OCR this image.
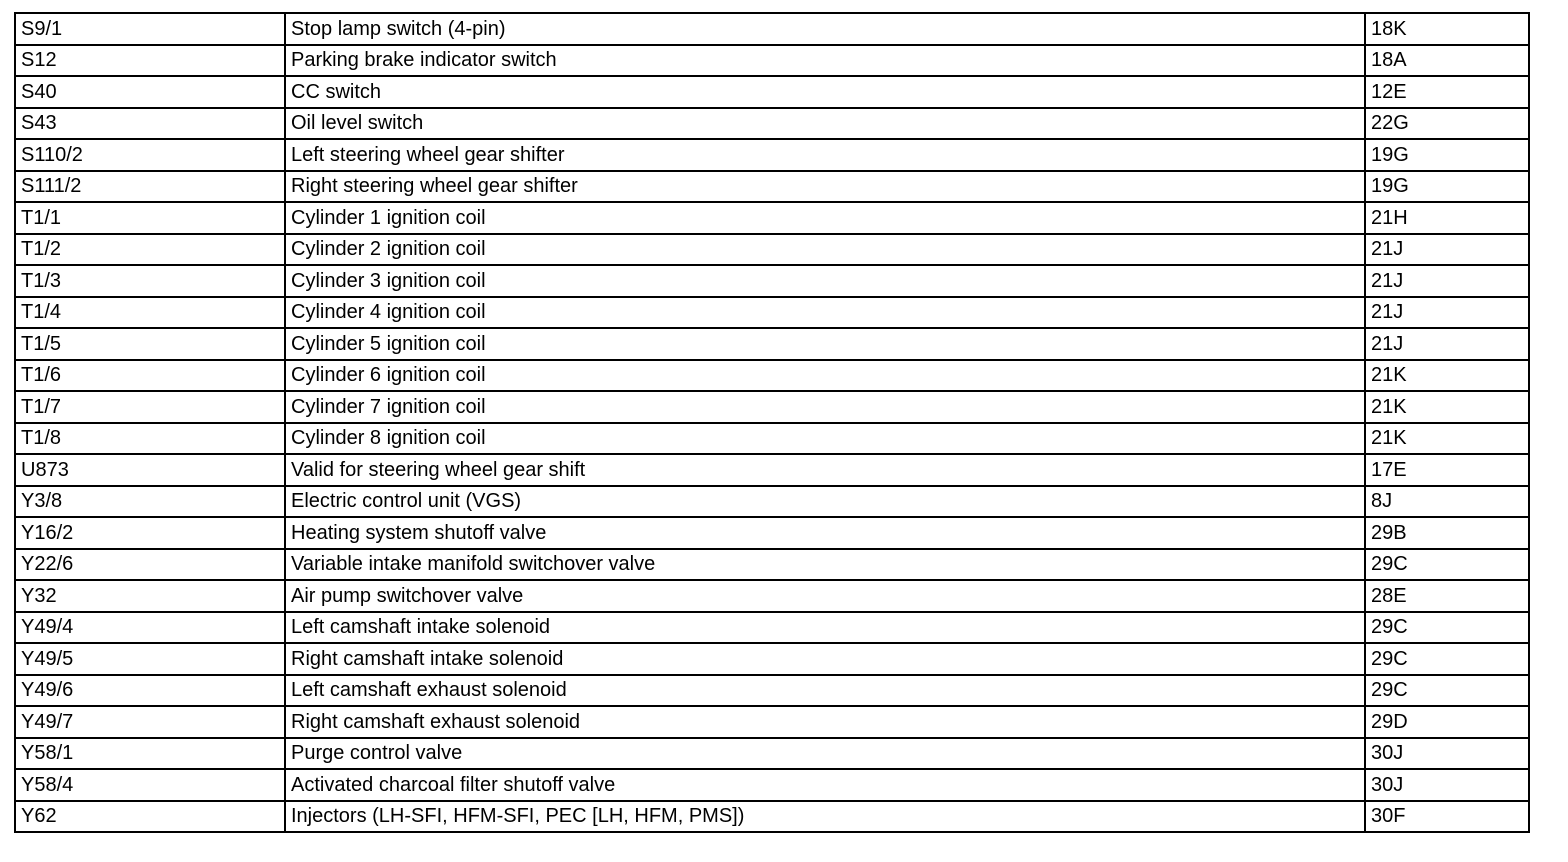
S9/1	Stop lamp switch (4-pin)	18K
S12	Parking brake indicator switch	18A
S40	CC switch	12E
S43	Oil level switch	22G
S110/2	Left steering wheel gear shifter	19G
S111/2	Right steering wheel gear shifter	19G
T1/1	Cylinder 1 ignition coil	21H
T1/2	Cylinder 2 ignition coil	21J
T1/3	Cylinder 3 ignition coil	21J
T1/4	Cylinder 4 ignition coil	21J
T1/5	Cylinder 5 ignition coil	21J
T1/6	Cylinder 6 ignition coil	21K
T1/7	Cylinder 7 ignition coil	21K
T1/8	Cylinder 8 ignition coil	21K
U873	Valid for steering wheel gear shift	17E
Y3/8	Electric control unit (VGS)	8J
Y16/2	Heating system shutoff valve	29B
Y22/6	Variable intake manifold switchover valve	29C
Y32	Air pump switchover valve	28E
Y49/4	Left camshaft intake solenoid	29C
Y49/5	Right camshaft intake solenoid	29C
Y49/6	Left camshaft exhaust solenoid	29C
Y49/7	Right camshaft exhaust solenoid	29D
Y58/1	Purge control valve	30J
Y58/4	Activated charcoal filter shutoff valve	30J
Y62	Injectors (LH-SFI, HFM-SFI, PEC [LH, HFM, PMS])	30F
